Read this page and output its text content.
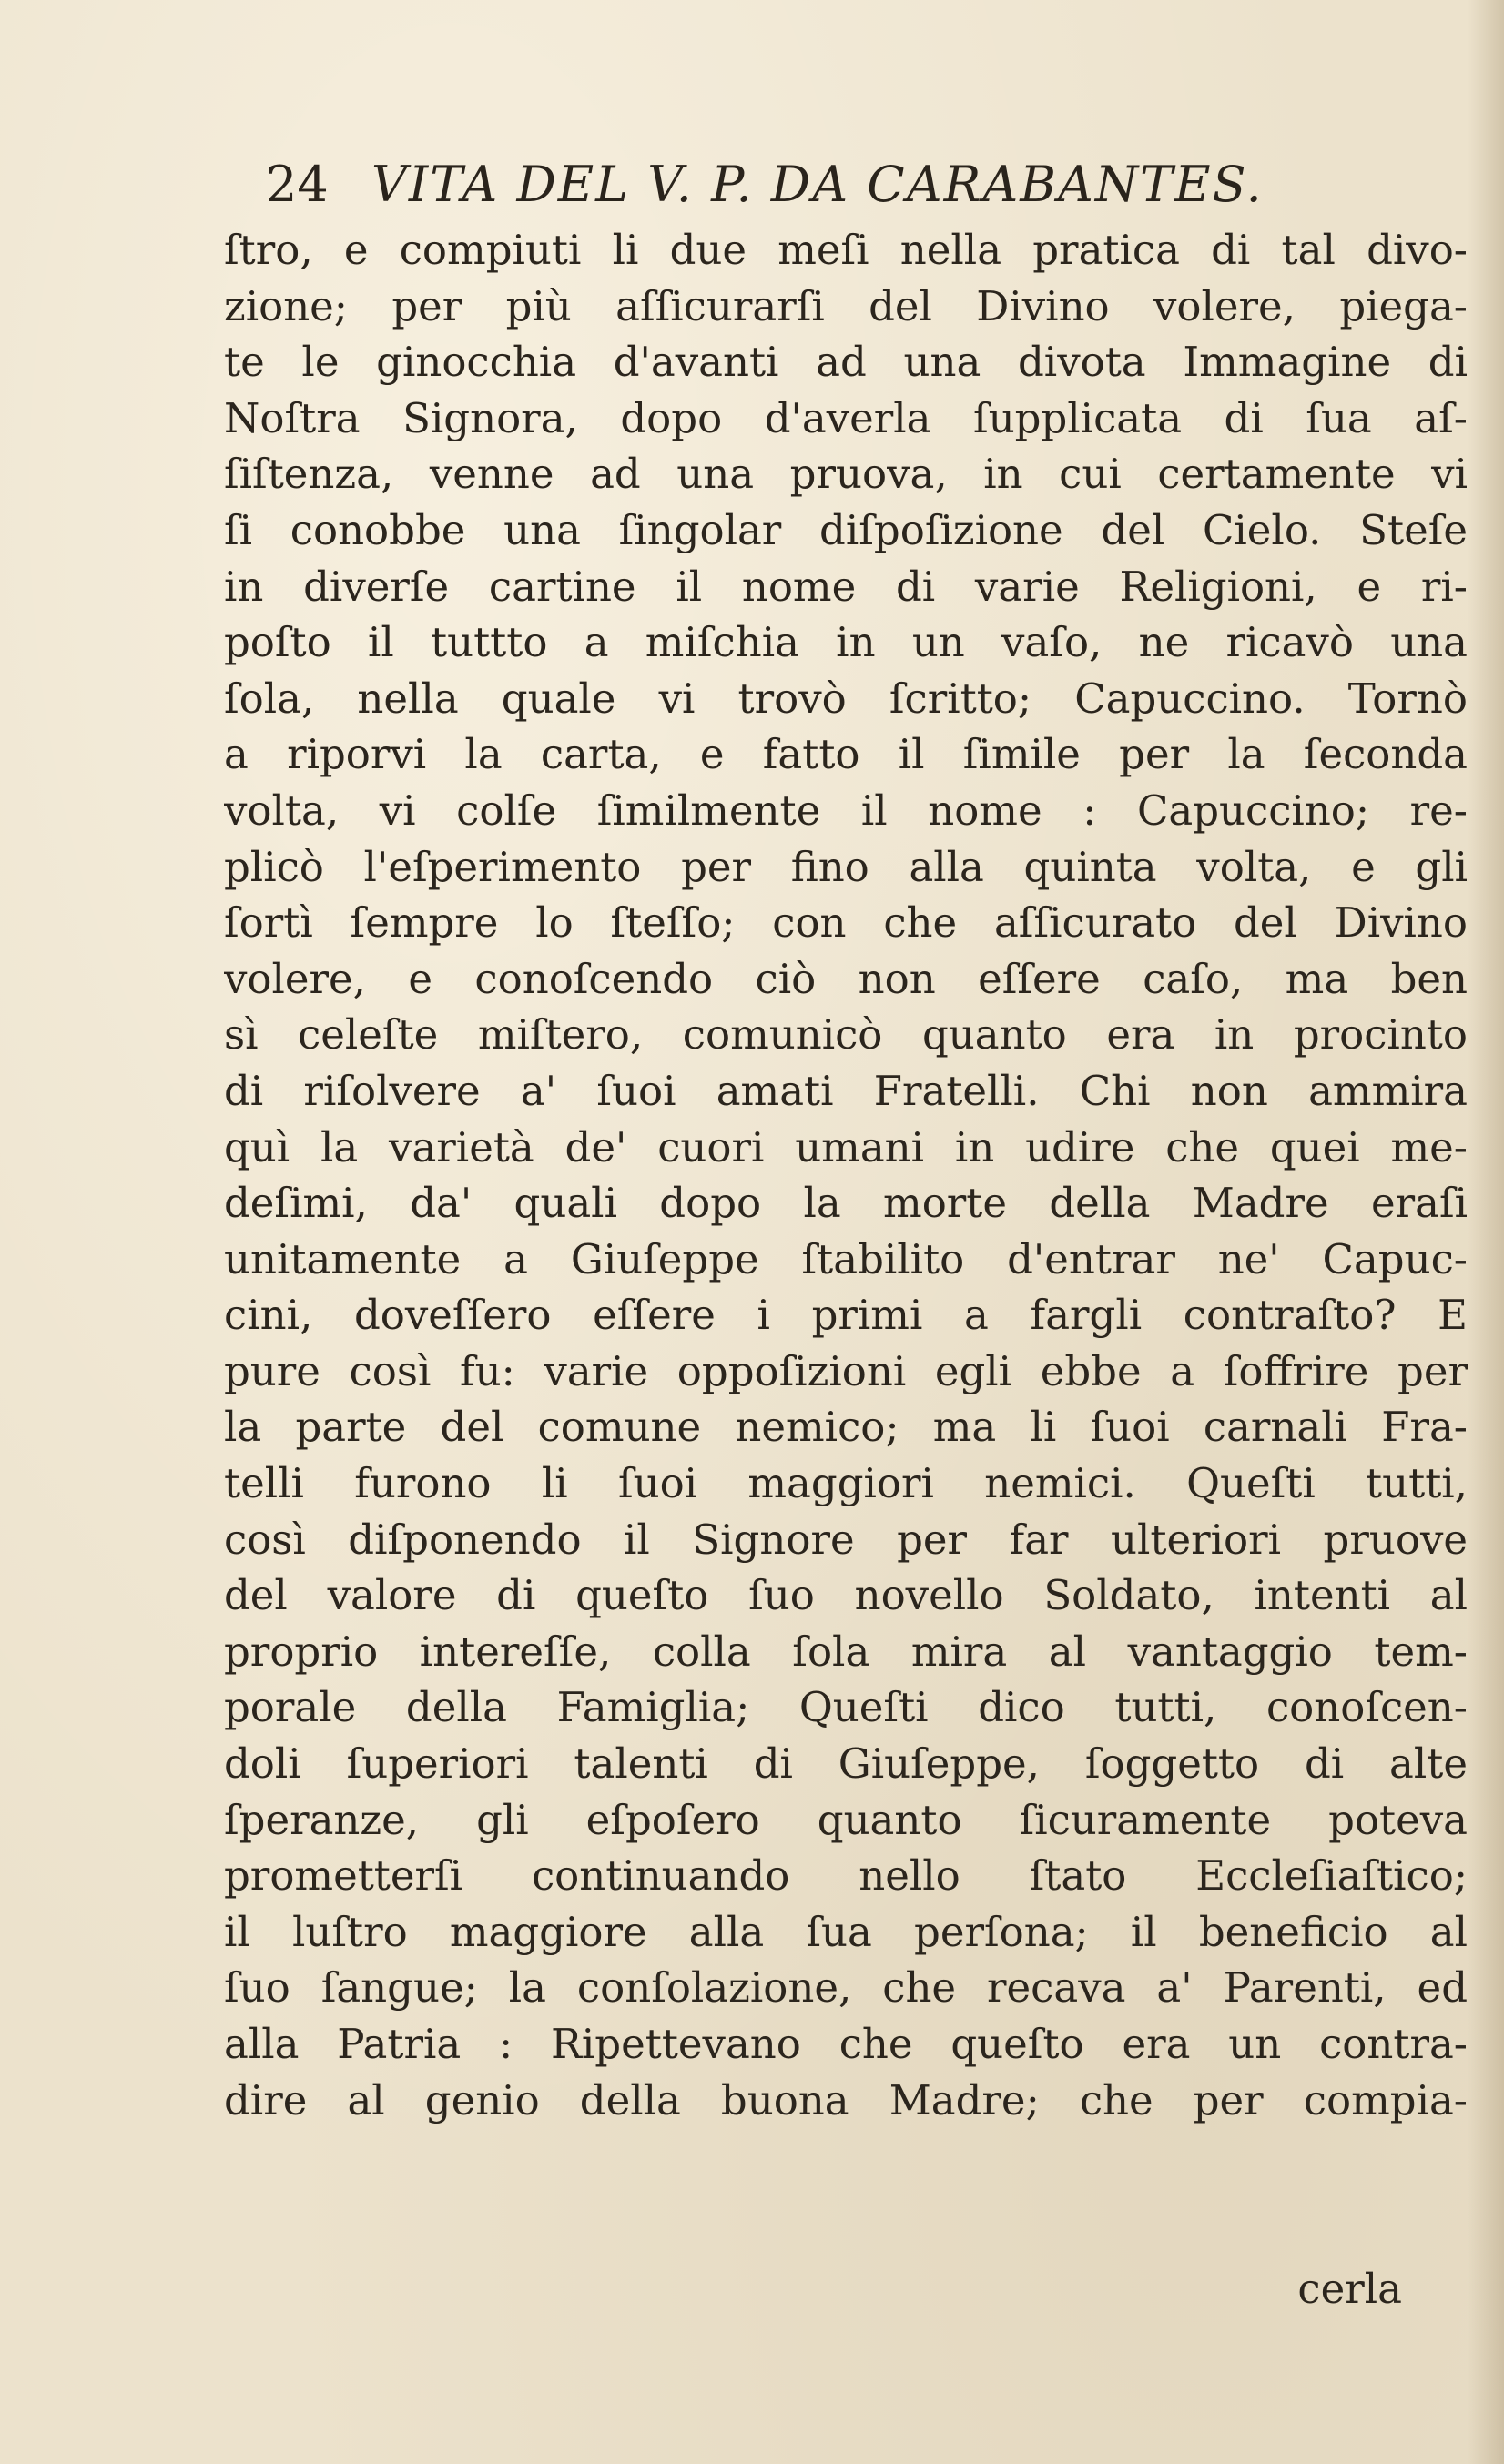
24 VITA DEL V. P. DA CARABANTES.
ſtro, e compiuti li due meſi nella pratica di tal divo-
zione; per più aſſicurarſi del Divino volere, piega-
te le ginocchia d'avanti ad una divota Immagine di
Noſtra Signora, dopo d'averla ſupplicata di ſua aſ-
ſiſtenza, venne ad una pruova, in cui certamente vi
ſi conobbe una ſingolar diſpoſizione del Cielo. Steſe
in diverſe cartine il nome di varie Religioni, e ri-
poſto il tuttto a miſchia in un vaſo, ne ricavò una
ſola, nella quale vi trovò ſcritto; Capuccino. Tornò
a riporvi la carta, e fatto il ſimile per la ſeconda
volta, vi colſe ſimilmente il nome : Capuccino; re-
plicò l'eſperimento per fino alla quinta volta, e gli
ſortì ſempre lo ſteſſo; con che aſſicurato del Divino
volere, e conoſcendo ciò non eſſere caſo, ma ben
sì celeſte miſtero, comunicò quanto era in procinto
di riſolvere a' ſuoi amati Fratelli. Chi non ammira
quì la varietà de' cuori umani in udire che quei me-
deſimi, da' quali dopo la morte della Madre eraſi
unitamente a Giuſeppe ſtabilito d'entrar ne' Capuc-
cini, doveſſero eſſere i primi a fargli contraſto? E
pure così fu: varie oppoſizioni egli ebbe a ſoffrire per
la parte del comune nemico; ma li ſuoi carnali Fra-
telli furono li ſuoi maggiori nemici. Queſti tutti,
così diſponendo il Signore per far ulteriori pruove
del valore di queſto ſuo novello Soldato, intenti al
proprio intereſſe, colla ſola mira al vantaggio tem-
porale della Famiglia; Queſti dico tutti, conoſcen-
doli ſuperiori talenti di Giuſeppe, ſoggetto di alte
ſperanze, gli eſpoſero quanto ſicuramente poteva
prometterſi continuando nello ſtato Eccleſiaſtico;
il luſtro maggiore alla ſua perſona; il beneficio al
ſuo ſangue; la conſolazione, che recava a' Parenti, ed
alla Patria : Ripettevano che queſto era un contra-
dire al genio della buona Madre; che per compia-
cerla
